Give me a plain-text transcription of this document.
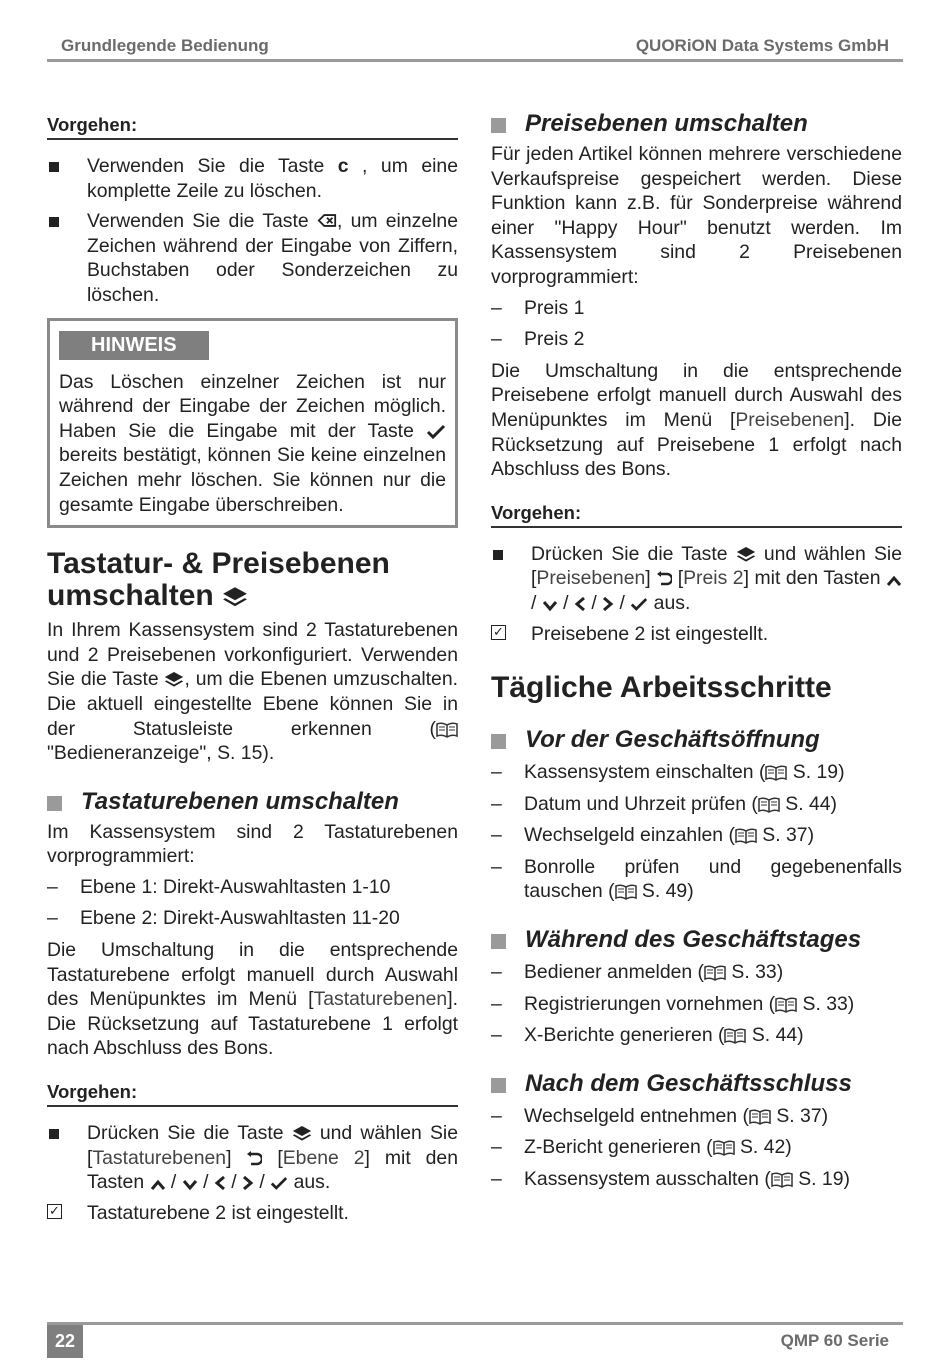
Grundlegende Bedienung	QUORiON Data Systems GmbH
Vorgehen:
Verwenden Sie die Taste c , um eine komplette Zeile zu löschen.
Verwenden Sie die Taste , um einzelne Zeichen während der Eingabe von Ziffern, Buchstaben oder Sonderzeichen zu löschen.
HINWEIS

Das Löschen einzelner Zeichen ist nur während der Eingabe der Zeichen möglich. Haben Sie die Eingabe mit der Taste  bereits bestätigt, können Sie keine einzelnen Zeichen mehr löschen. Sie können nur die gesamte Eingabe überschreiben.

Tastatur- & Preisebenen umschalten

In Ihrem Kassensystem sind 2 Tastaturebenen und 2 Preisebenen vorkonfiguriert. Verwenden Sie die Taste , um die Ebenen umzuschalten. Die aktuell eingestellte Ebene können Sie in der Statusleiste erkennen ( "Bedieneranzeige", S. 15).

Tastaturebenen umschalten

Im Kassensystem sind 2 Tastaturebenen vorprogrammiert:

– Ebene 1: Direkt-Auswahltasten 1-10
– Ebene 2: Direkt-Auswahltasten 11-20

Die Umschaltung in die entsprechende Tastaturebene erfolgt manuell durch Auswahl des Menüpunktes im Menü [Tastaturebenen]. Die Rücksetzung auf Tastaturebene 1 erfolgt nach Abschluss des Bons.

Vorgehen:
Drücken Sie die Taste  und wählen Sie [Tastaturebenen]  [Ebene 2] mit den Tasten  /  /  /  /  aus.
✓ Tastaturebene 2 ist eingestellt.
Preisebenen umschalten

Für jeden Artikel können mehrere verschiedene Verkaufspreise gespeichert werden. Diese Funktion kann z.B. für Sonderpreise während einer "Happy Hour" benutzt werden. Im Kassensystem sind 2 Preisebenen vorprogrammiert:

– Preis 1
– Preis 2

Die Umschaltung in die entsprechende Preisebene erfolgt manuell durch Auswahl des Menüpunktes im Menü [Preisebenen]. Die Rücksetzung auf Preisebene 1 erfolgt nach Abschluss des Bons.

Vorgehen:
Drücken Sie die Taste  und wählen Sie [Preisebenen]  [Preis 2] mit den Tasten  /  /  /  /  aus.
✓ Preisebene 2 ist eingestellt.
Tägliche Arbeitsschritte
Vor der Geschäftsöffnung
– Kassensystem einschalten ( S. 19)
– Datum und Uhrzeit prüfen ( S. 44)
– Wechselgeld einzahlen ( S. 37)
– Bonrolle prüfen und gegebenenfalls tauschen ( S. 49)
Während des Geschäftstages
– Bediener anmelden ( S. 33)
– Registrierungen vornehmen ( S. 33)
– X-Berichte generieren ( S. 44)
Nach dem Geschäftsschluss
– Wechselgeld entnehmen ( S. 37)
– Z-Bericht generieren ( S. 42)
– Kassensystem ausschalten ( S. 19)
22	QMP 60 Serie
